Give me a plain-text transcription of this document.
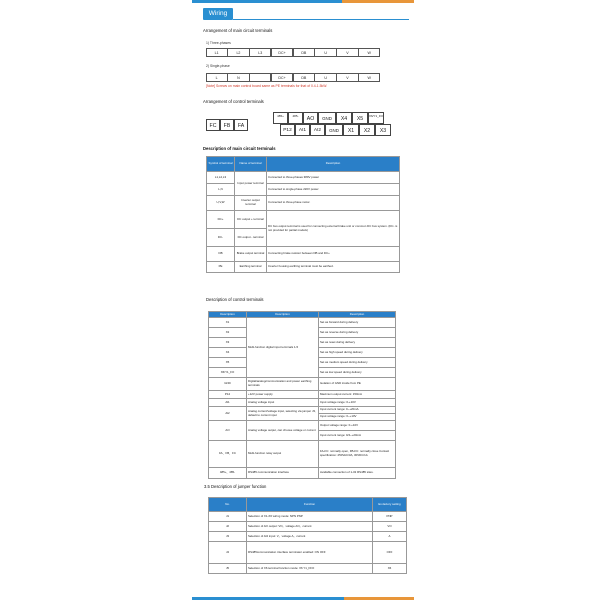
Wiring
Arrangement of main circuit terminals
1) Three-phases
L1	L2	L3	DC+	DB	U	V	W
2) Single-phase
L	N	DC+	DB	U	V	W
[Note] Screws on main control board same as PE terminals for that of 0.4-1.5kW.
Arrangement of control terminals
FC	FB	FA
485+	485-	AO	GND	X4	X5	X6/Y1_FO
P12	AI1	AI2	GND	X1	X2	X3
Description of main circuit terminals
Symbol of terminal	Name of terminal	Description
L1,L2,L3	Input power terminal	Connected to three-phases 380V power
L,N		Connected to single-phase 220V power
U,V,W	Inverter output terminal	Connected to three-phase motor.
DC+	DC output + terminal	DC bus output terminal is used for connecting external brake unit or common DC bus system. (DC- is not provided for partial models)
DC-	DC output - terminal	
DB	Brake output terminal	Connecting brake resistor between DB and DC+
PE	Earthing terminal	Inverter housing earthing terminal must be earthed.
Description of control terminals
Description	Description	Description
X1	Multi-function digital input terminals 1-5	Set as forward during delivery
X2		Set as reverse during delivery
X3		Set as reset during delivery
X4		Set as high speed during delivery
X5		Set as medium speed during delivery
X6/Y1_FO		Set as low speed during delivery
GND	Digital/analog/communication and power earthing terminals	Isolation of GND inside from PE
P12	+12V power supply	Maximum output current: 150mA
AI1	Analog voltage input	Input voltage range: 0-+10V
AI2	Analog current/voltage input, selecting via jumper J3, default to current input	Input current range: 0~+20mA
		Input voltage range: 0~+10V
AO	Analog voltage output, can choose voltage or current	Output voltage range: 0-+10V
		Input current range: 0/4~+20mA
FA、FB、FC	Multi-function relay output	FA-FC: normally open, FB-FC: normally close Contact specification: 250VAC/3A, 30VDC/1A
485+、485-	RS485 communication interface	Available connection of 1-32 RS485 sites.
3.5 Description of jumper function
No.	Function	Ex-factory setting
J1	Selection of X1-X6 wiring mode: NPN PNP	PNP
J2	Selection of AO output: VO。voltage AO。current	VO
J3	Selection of AI2 input: V。voltage A。current	A
J4	RS485communication interface terminator enabled: ON OFF	OFF
J5	Selection of X6 terminal function mode: X6 Y1_FFO	X6
